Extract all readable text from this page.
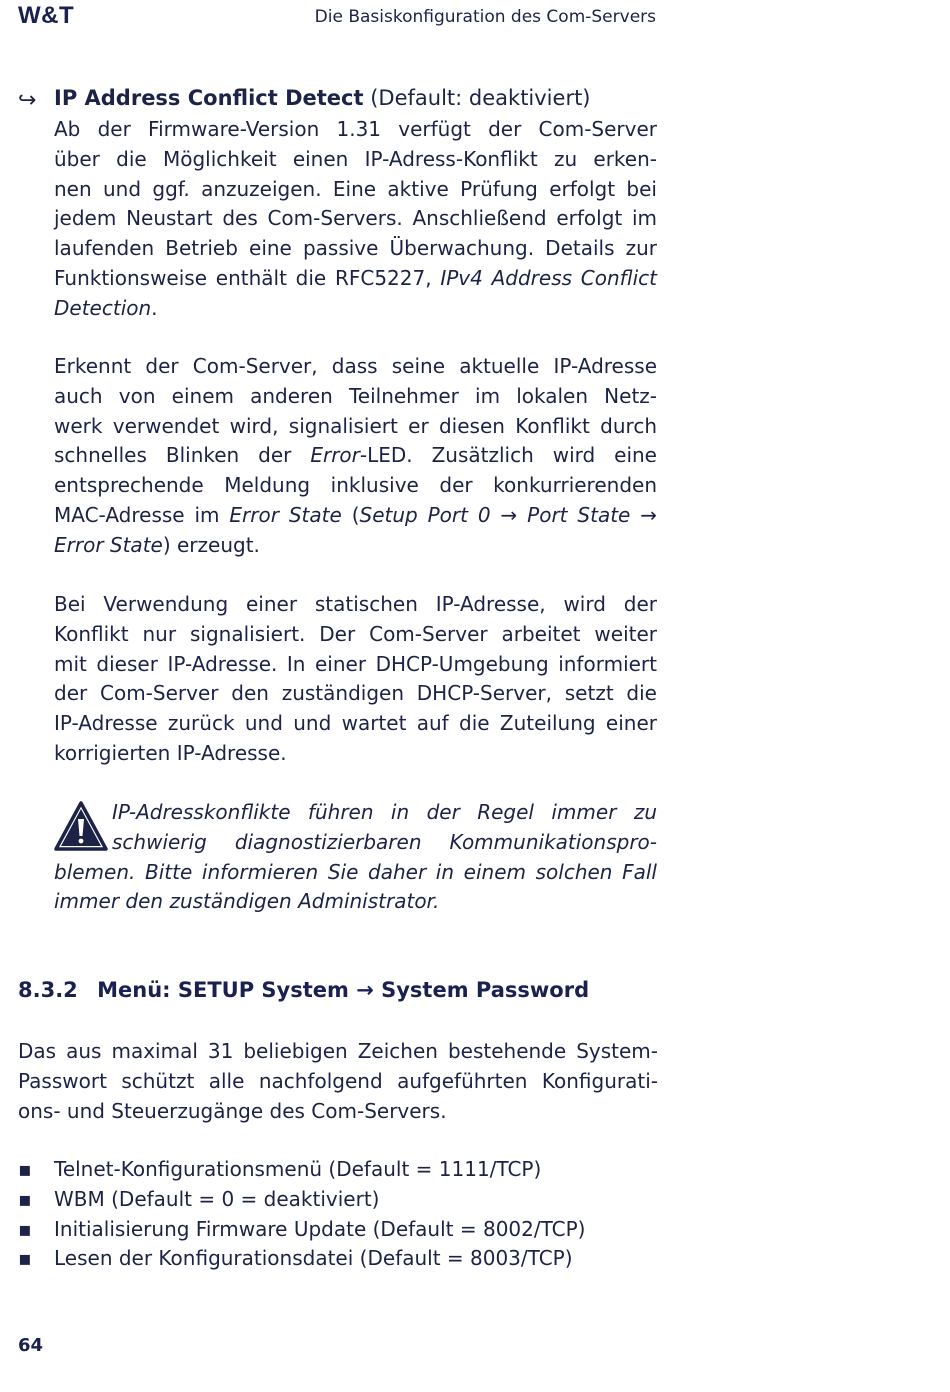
W&T	Die Basiskonfiguration des Com-Servers
↪ IP Address Conflict Detect (Default: deaktiviert)
Ab der Firmware-Version 1.31 verfügt der Com-Server
über die Möglichkeit einen IP-Adress-Konflikt zu erken-
nen und ggf. anzuzeigen. Eine aktive Prüfung erfolgt bei
jedem Neustart des Com-Servers. Anschließend erfolgt im
laufenden Betrieb eine passive Überwachung. Details zur
Funktionsweise enthält die RFC5227, IPv4 Address Conflict
Detection.
Erkennt der Com-Server, dass seine aktuelle IP-Adresse
auch von einem anderen Teilnehmer im lokalen Netz-
werk verwendet wird, signalisiert er diesen Konflikt durch
schnelles Blinken der Error-LED. Zusätzlich wird eine
entsprechende Meldung inklusive der konkurrierenden
MAC-Adresse im Error State (Setup Port 0 → Port State →
Error State) erzeugt.
Bei Verwendung einer statischen IP-Adresse, wird der
Konflikt nur signalisiert. Der Com-Server arbeitet weiter
mit dieser IP-Adresse. In einer DHCP-Umgebung informiert
der Com-Server den zuständigen DHCP-Server, setzt die
IP-Adresse zurück und und wartet auf die Zuteilung einer
korrigierten IP-Adresse.
IP-Adresskonflikte führen in der Regel immer zu
schwierig diagnostizierbaren Kommunikationspro-
blemen. Bitte informieren Sie daher in einem solchen Fall
immer den zuständigen Administrator.
8.3.2 Menü: SETUP System → System Password
Das aus maximal 31 beliebigen Zeichen bestehende System-
Passwort schützt alle nachfolgend aufgeführten Konfigurati-
ons- und Steuerzugänge des Com-Servers.
▪ Telnet-Konfigurationsmenü (Default = 1111/TCP)
▪ WBM (Default = 0 = deaktiviert)
▪ Initialisierung Firmware Update (Default = 8002/TCP)
▪ Lesen der Konfigurationsdatei (Default = 8003/TCP)
64
